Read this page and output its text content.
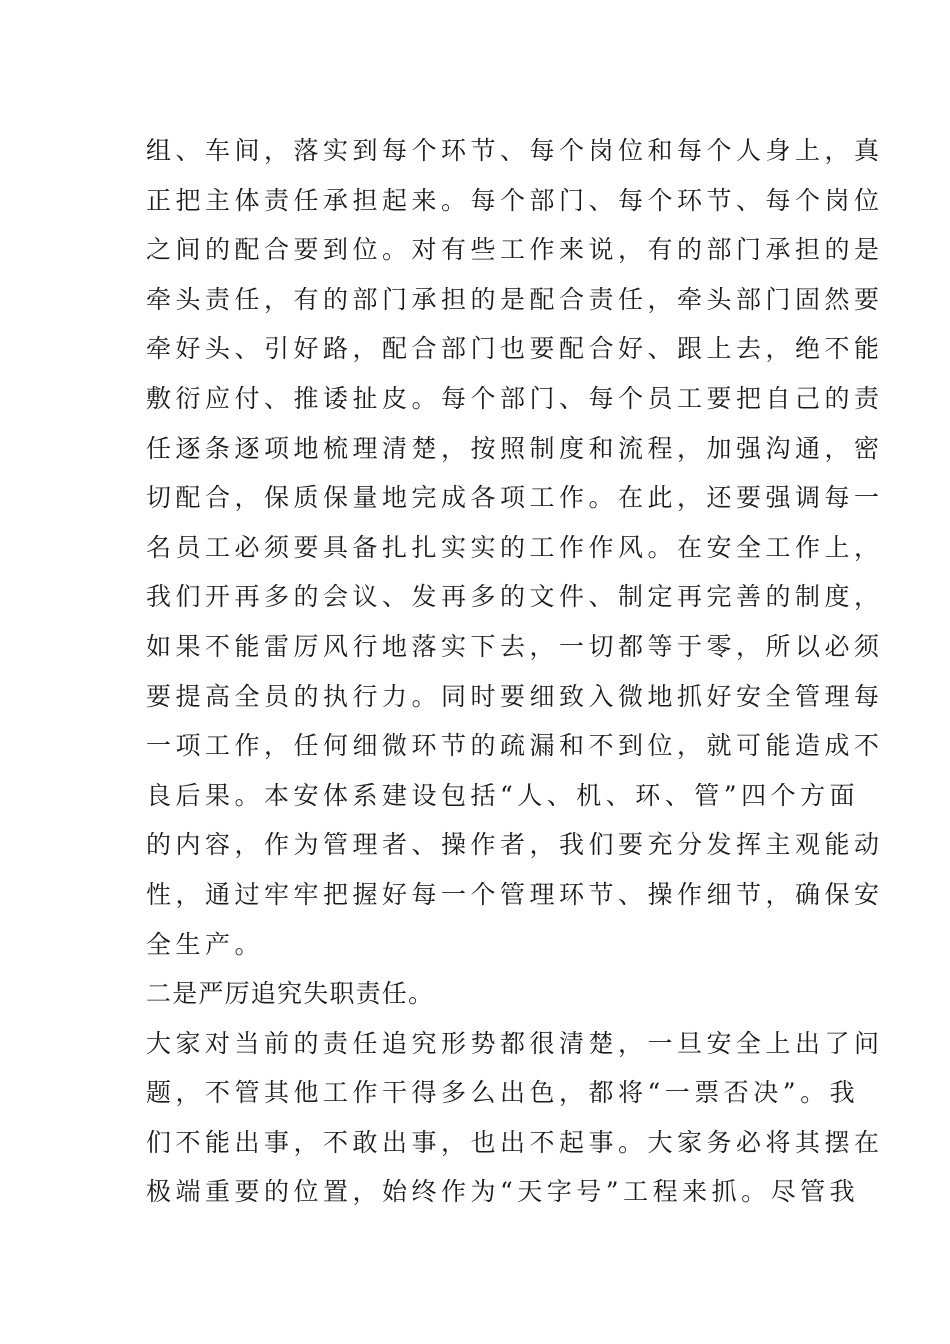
组、车间，落实到每个环节、每个岗位和每个人身上，真
正把主体责任承担起来。每个部门、每个环节、每个岗位
之间的配合要到位。对有些工作来说，有的部门承担的是
牵头责任，有的部门承担的是配合责任，牵头部门固然要
牵好头、引好路，配合部门也要配合好、跟上去，绝不能
敷衍应付、推诿扯皮。每个部门、每个员工要把自己的责
任逐条逐项地梳理清楚，按照制度和流程，加强沟通，密
切配合，保质保量地完成各项工作。在此，还要强调每一
名员工必须要具备扎扎实实的工作作风。在安全工作上，
我们开再多的会议、发再多的文件、制定再完善的制度，
如果不能雷厉风行地落实下去，一切都等于零，所以必须
要提高全员的执行力。同时要细致入微地抓好安全管理每
一项工作，任何细微环节的疏漏和不到位，就可能造成不
良后果。本安体系建设包括“人、机、环、管”四个方面
的内容，作为管理者、操作者，我们要充分发挥主观能动
性，通过牢牢把握好每一个管理环节、操作细节，确保安
全生产。
二是严厉追究失职责任。
大家对当前的责任追究形势都很清楚，一旦安全上出了问
题，不管其他工作干得多么出色，都将“一票否决”。我
们不能出事，不敢出事，也出不起事。大家务必将其摆在
极端重要的位置，始终作为“天字号”工程来抓。尽管我
